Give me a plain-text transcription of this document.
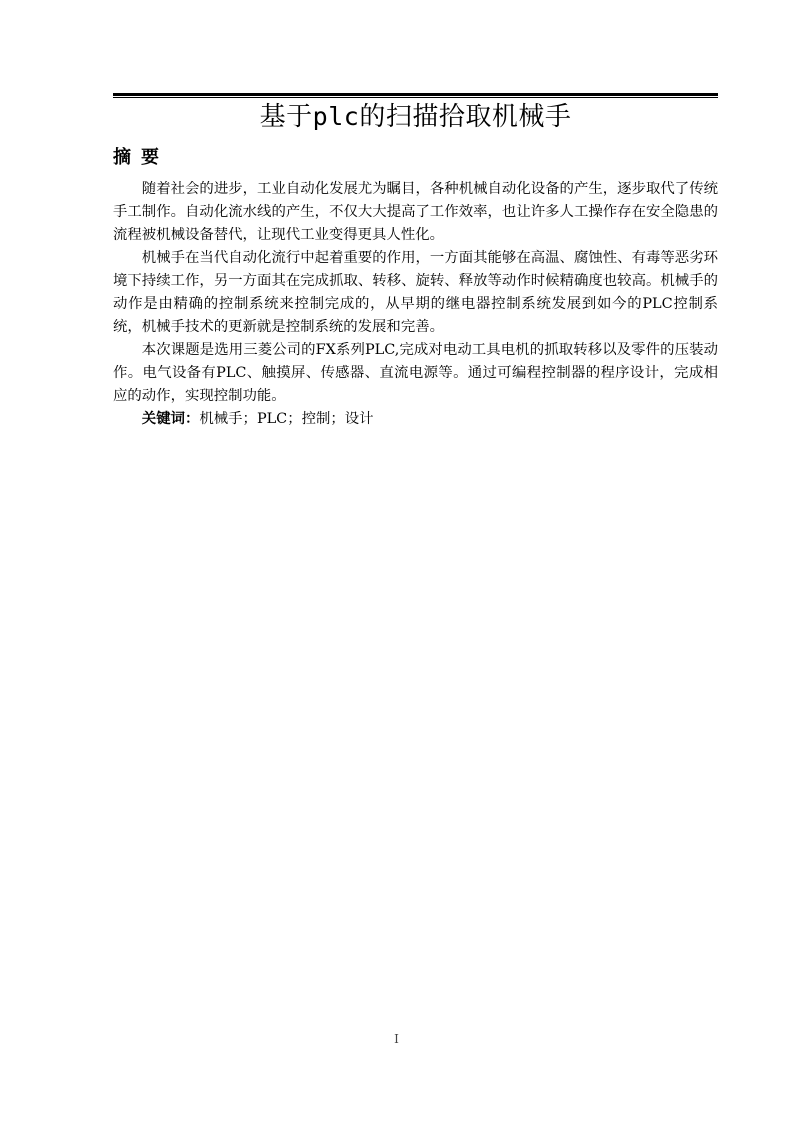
基于plc的扫描拾取机械手
摘要

随着社会的进步，工业自动化发展尤为瞩目，各种机械自动化设备的产生，逐步取代了传统手工制作。自动化流水线的产生，不仅大大提高了工作效率，也让许多人工操作存在安全隐患的流程被机械设备替代，让现代工业变得更具人性化。

机械手在当代自动化流行中起着重要的作用，一方面其能够在高温、腐蚀性、有毒等恶劣环境下持续工作，另一方面其在完成抓取、转移、旋转、释放等动作时候精确度也较高。机械手的动作是由精确的控制系统来控制完成的，从早期的继电器控制系统发展到如今的PLC控制系统，机械手技术的更新就是控制系统的发展和完善。

本次课题是选用三菱公司的FX系列PLC,完成对电动工具电机的抓取转移以及零件的压装动作。电气设备有PLC、触摸屏、传感器、直流电源等。通过可编程控制器的程序设计，完成相应的动作，实现控制功能。

关键词：机械手；PLC；控制；设计

I
